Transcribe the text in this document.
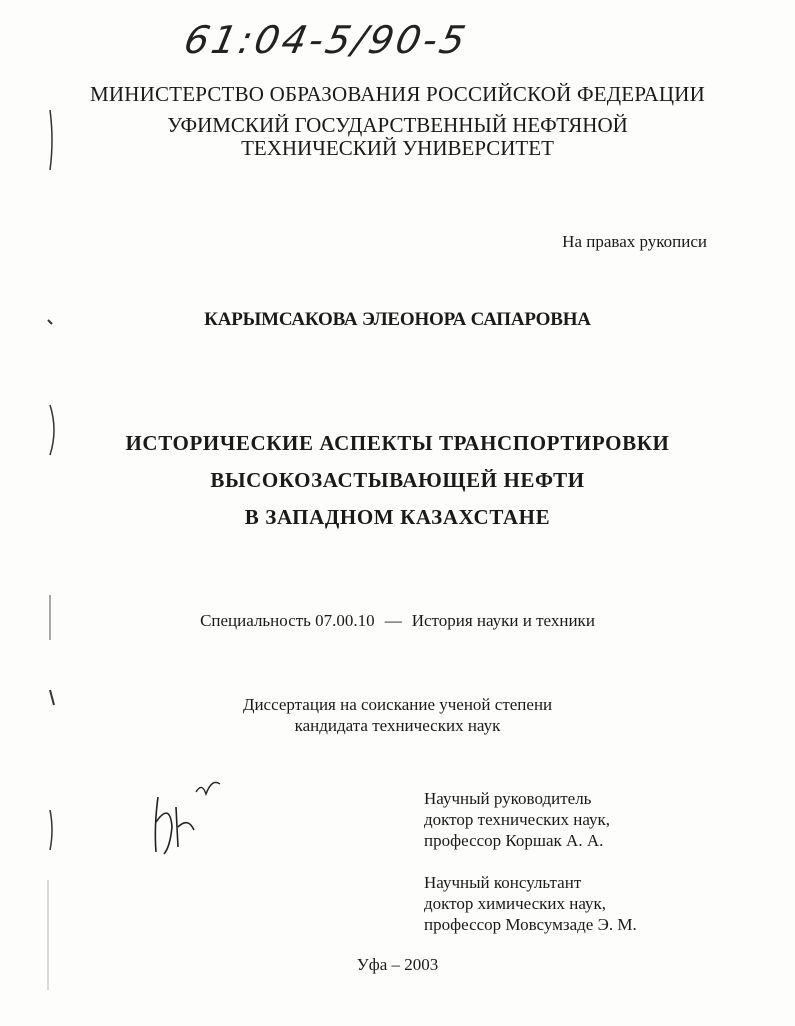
61:04-5/90-5
МИНИСТЕРСТВО ОБРАЗОВАНИЯ РОССИЙСКОЙ ФЕДЕРАЦИИ
УФИМСКИЙ ГОСУДАРСТВЕННЫЙ НЕФТЯНОЙ
ТЕХНИЧЕСКИЙ УНИВЕРСИТЕТ
На правах рукописи
КАРЫМСАКОВА ЭЛЕОНОРА САПАРОВНА
ИСТОРИЧЕСКИЕ АСПЕКТЫ ТРАНСПОРТИРОВКИ
ВЫСОКОЗАСТЫВАЮЩЕЙ НЕФТИ
В ЗАПАДНОМ КАЗАХСТАНЕ
Специальность 07.00.10 — История науки и техники
Диссертация на соискание ученой степени
кандидата технических наук
Научный руководитель
доктор технических наук,
профессор Коршак А. А.
Научный консультант
доктор химических наук,
профессор Мовсумзаде Э. М.
Уфа – 2003
